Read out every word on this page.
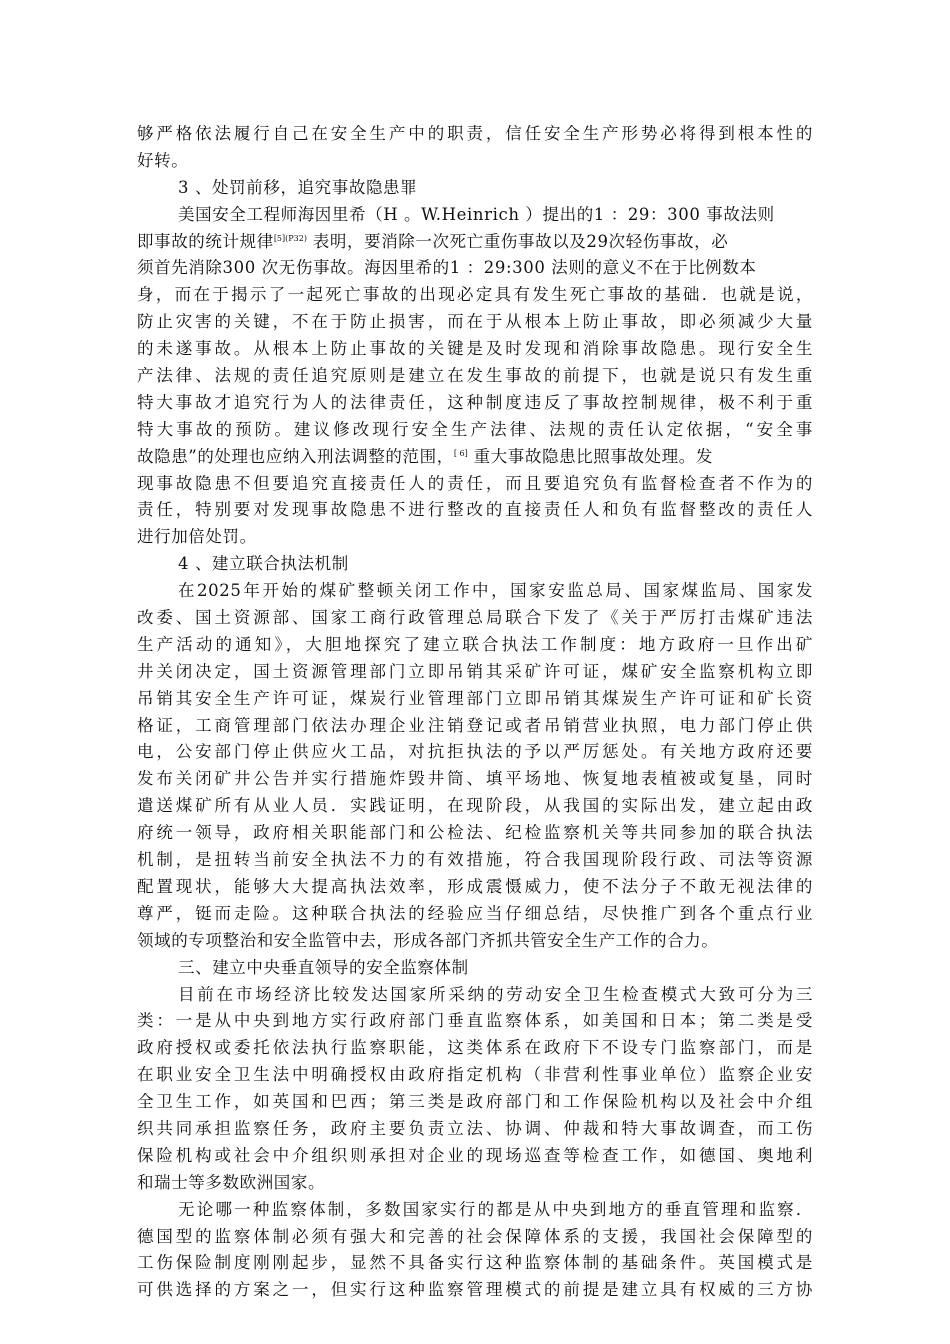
够严格依法履行自己在安全生产中的职责，信任安全生产形势必将得到根本性的
好转。
3 、处罚前移，追究事故隐患罪
美国安全工程师海因里希（H 。W.Heinrich ）提出的1 ：29：300 事故法则
即事故的统计规律$^{[5](P32)}$ 表明，要消除一次死亡重伤事故以及29次轻伤事故，必
须首先消除300 次无伤事故。海因里希的1 ：29:300 法则的意义不在于比例数本
身，而在于揭示了一起死亡事故的出现必定具有发生死亡事故的基础．也就是说，
防止灾害的关键，不在于防止损害，而在于从根本上防止事故，即必须减少大量
的未遂事故。从根本上防止事故的关键是及时发现和消除事故隐患。现行安全生
产法律、法规的责任追究原则是建立在发生事故的前提下，也就是说只有发生重
特大事故才追究行为人的法律责任，这种制度违反了事故控制规律，极不利于重
特大事故的预防。建议修改现行安全生产法律、法规的责任认定依据，“安全事
故隐患”的处理也应纳入刑法调整的范围，[ 6] 重大事故隐患比照事故处理。发
现事故隐患不但要追究直接责任人的责任，而且要追究负有监督检查者不作为的
责任，特别要对发现事故隐患不进行整改的直接责任人和负有监督整改的责任人
进行加倍处罚。
4 、建立联合执法机制
在2025年开始的煤矿整顿关闭工作中，国家安监总局、国家煤监局、国家发
改委、国土资源部、国家工商行政管理总局联合下发了《关于严厉打击煤矿违法
生产活动的通知》，大胆地探究了建立联合执法工作制度：地方政府一旦作出矿
井关闭决定，国土资源管理部门立即吊销其采矿许可证，煤矿安全监察机构立即
吊销其安全生产许可证，煤炭行业管理部门立即吊销其煤炭生产许可证和矿长资
格证，工商管理部门依法办理企业注销登记或者吊销营业执照，电力部门停止供
电，公安部门停止供应火工品，对抗拒执法的予以严厉惩处。有关地方政府还要
发布关闭矿井公告并实行措施炸毁井筒、填平场地、恢复地表植被或复垦，同时
遣送煤矿所有从业人员．实践证明，在现阶段，从我国的实际出发，建立起由政
府统一领导，政府相关职能部门和公检法、纪检监察机关等共同参加的联合执法
机制，是扭转当前安全执法不力的有效措施，符合我国现阶段行政、司法等资源
配置现状，能够大大提高执法效率，形成震慑威力，使不法分子不敢无视法律的
尊严，铤而走险。这种联合执法的经验应当仔细总结，尽快推广到各个重点行业
领域的专项整治和安全监管中去，形成各部门齐抓共管安全生产工作的合力。
三、建立中央垂直领导的安全监察体制
目前在市场经济比较发达国家所采纳的劳动安全卫生检查模式大致可分为三
类：一是从中央到地方实行政府部门垂直监察体系，如美国和日本；第二类是受
政府授权或委托依法执行监察职能，这类体系在政府下不设专门监察部门，而是
在职业安全卫生法中明确授权由政府指定机构（非营利性事业单位）监察企业安
全卫生工作，如英国和巴西；第三类是政府部门和工作保险机构以及社会中介组
织共同承担监察任务，政府主要负责立法、协调、仲裁和特大事故调查，而工伤
保险机构或社会中介组织则承担对企业的现场巡查等检查工作，如德国、奥地利
和瑞士等多数欧洲国家。
无论哪一种监察体制，多数国家实行的都是从中央到地方的垂直管理和监察．
德国型的监察体制必须有强大和完善的社会保障体系的支援，我国社会保障型的
工伤保险制度刚刚起步，显然不具备实行这种监察体制的基础条件。英国模式是
可供选择的方案之一，但实行这种监察管理模式的前提是建立具有权威的三方协
